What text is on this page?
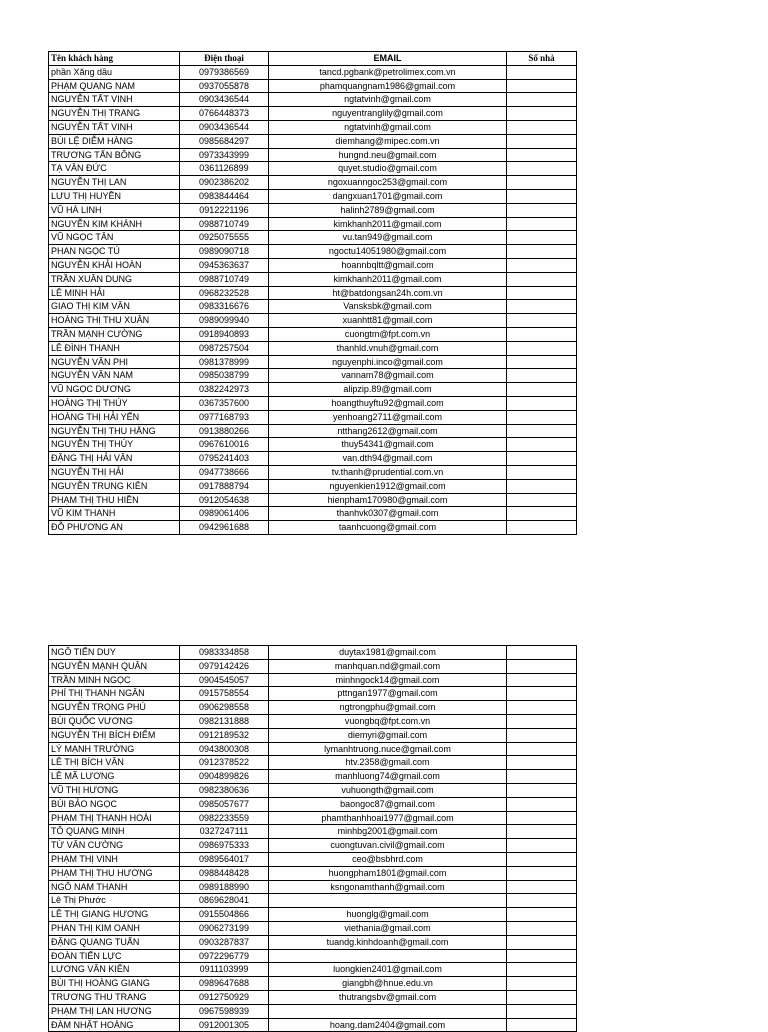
Tên khách hàng	Điện thoại	EMAIL	Số nhà
phần Xăng dầu	0979386569	tancd.pgbank@petrolimex.com.vn	
PHẠM QUANG NAM	0937055878	phamquangnam1986@gmail.com	
NGUYỄN TẤT VINH	0903436544	ngtatvinh@gmail.com	
NGUYỄN THỊ TRANG	0766448373	nguyentranglily@gmail.com	
NGUYỄN TẤT VINH	0903436544	ngtatvinh@gmail.com	
BÙI LỆ DIỄM HÀNG	0985684297	diemhang@mipec.com.vn	
TRƯƠNG TẤN BÔNG	0973343999	hungnd.neu@gmail.com	
TẠ VĂN ĐỨC	0361126899	quyet.studio@gmail.com	
NGUYỄN THỊ LAN	0902386202	ngoxuanngoc253@gmail.com	
LƯU THỊ HUYỀN	0983844464	dangxuan1701@gmail.com	
VŨ HÀ LINH	0912221196	halinh2789@gmail.com	
NGUYỄN KIM KHÁNH	0988710749	kimkhanh2011@gmail.com	
VŨ NGỌC TÂN	0925075555	vu.tan949@gmail.com	
PHAN NGỌC TÚ	0989090718	ngoctu14051980@gmail.com	
NGUYỄN KHẢI HOÀN	0945363637	hoannbqltt@gmail.com	
TRẦN XUÂN DUNG	0988710749	kimkhanh2011@gmail.com	
LÊ MINH HẢI	0968232528	ht@batdongsan24h.com.vn	
GIAO THỊ KIM VÂN	0983316676	Vansksbk@gmail.com	
HOÀNG THỊ THU XUÂN	0989099940	xuanhtt81@gmail.com	
TRẦN MẠNH CƯỜNG	0918940893	cuongtm@fpt.com.vn	
LÊ ĐÌNH THANH	0987257504	thanhld.vnuh@gmail.com	
NGUYỄN VĂN PHI	0981378999	nguyenphi.inco@gmail.com	
NGUYỄN VĂN NAM	0985038799	vannam78@gmail.com	
VŨ NGỌC DƯƠNG	0382242973	alipzip.89@gmail.com	
HOÀNG THỊ THÚY	0367357600	hoangthuyftu92@gmail.com	
HOÀNG THỊ HẢI YẾN	0977168793	yenhoang2711@gmail.com	
NGUYỄN THỊ THU HẰNG	0913880266	ntthang2612@gmail.com	
NGUYỄN THỊ THÚY	0967610016	thuy54341@gmail.com	
ĐẶNG THỊ HẢI VÂN	0795241403	van.dth94@gmail.com	
NGUYỄN THỊ HẢI	0947738666	tv.thanh@prudential.com.vn	
NGUYỄN TRUNG KIÊN	0917888794	nguyenkien1912@gmail.com	
PHẠM THỊ THU HIỀN	0912054638	hienpham170980@gmail.com	
VŨ KIM THANH	0989061406	thanhvk0307@gmail.com	
ĐỖ PHƯƠNG AN	0942961688	taanhcuong@gmail.com	
NGÔ TIẾN DUY	0983334858	duytax1981@gmail.com	
NGUYỄN MẠNH QUÂN	0979142426	manhquan.nd@gmail.com	
TRẦN MINH NGỌC	0904545057	minhngock14@gmail.com	
PHÍ THỊ THANH NGÂN	0915758554	pttngan1977@gmail.com	
NGUYỄN TRỌNG PHÚ	0906298558	ngtrongphu@gmail.com	
BÙI QUỐC VƯƠNG	0982131888	vuongbq@fpt.com.vn	
NGUYỄN THỊ BÍCH ĐIỂM	0912189532	diemyri@gmail.com	
LÝ MẠNH TRƯỜNG	0943800308	lymanhtruong.nuce@gmail.com	
LÊ THỊ BÍCH VÂN	0912378522	htv.2358@gmail.com	
LÊ MÃ LƯƠNG	0904899826	manhluong74@gmail.com	
VŨ THỊ HƯƠNG	0982380636	vuhuongth@gmail.com	
BÙI BẢO NGỌC	0985057677	baongoc87@gmail.com	
PHẠM THỊ THANH HOÀI	0982233559	phamthanhhoai1977@gmail.com	
TÔ QUANG MINH	0327247111	minhbg2001@gmail.com	
TỪ VĂN CƯỜNG	0986975333	cuongtuvan.civil@gmail.com	
PHẠM THỊ VINH	0989564017	ceo@bsbhrd.com	
PHẠM THỊ THU HƯƠNG	0988448428	huongpham1801@gmail.com	
NGÔ NAM THANH	0989188990	ksngonamthanh@gmail.com	
Lê Thị Phước	0869628041		
LÊ THỊ GIANG HƯƠNG	0915504866	huonglg@gmail.com	
PHAN THỊ KIM OANH	0906273199	viethania@gmail.com	
ĐẶNG QUANG TUẤN	0903287837	tuandg.kinhdoanh@gmail.com	
ĐOÀN TIẾN LỰC	0972296779		
LƯƠNG VĂN KIÊN	0911103999	luongkien2401@gmail.com	
BÙI THỊ HOÀNG GIANG	0989647688	giangbh@hnue.edu.vn	
TRƯƠNG THU TRANG	0912750929	thutrangsbv@gmail.com	
PHẠM THỊ LAN HƯƠNG	0967598939		
ĐÀM NHẬT HOÀNG	0912001305	hoang.dam2404@gmail.com	
